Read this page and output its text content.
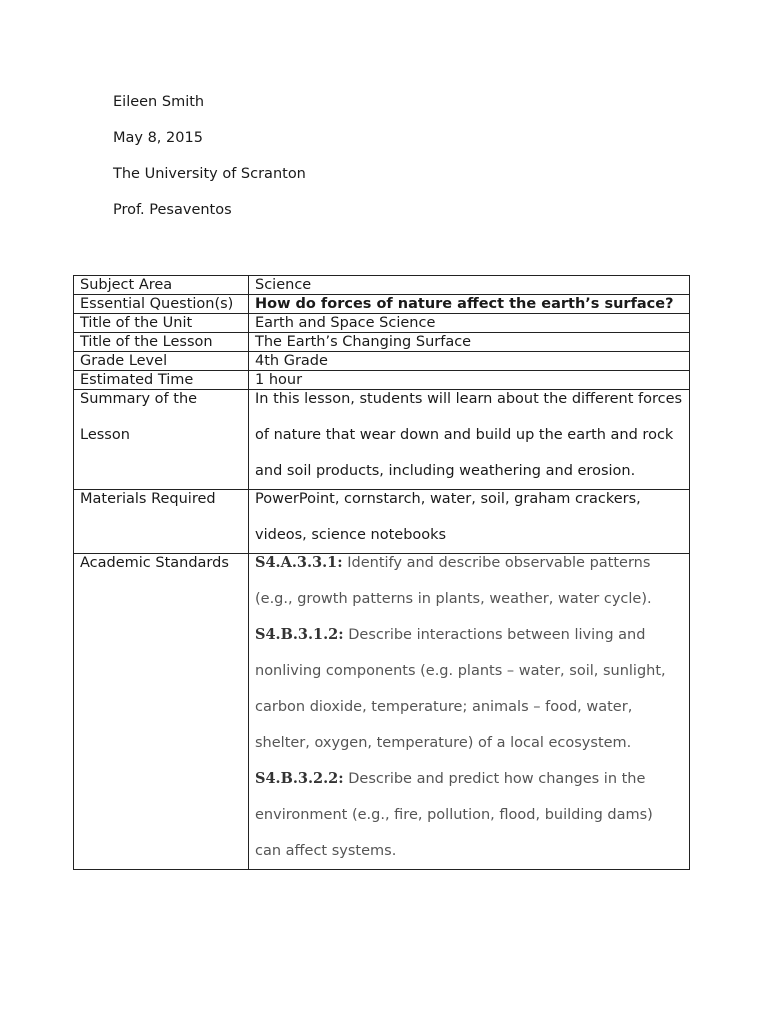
Eileen Smith
May 8, 2015
The University of Scranton
Prof. Pesaventos
Subject Area	Science
Essential Question(s)	How do forces of nature affect the earth’s surface?

Title of the Unit	Earth and Space Science
Title of the Lesson	The Earth’s Changing Surface
Grade Level	4th Grade
Estimated Time	1 hour

Summary of the Lesson	In this lesson, students will learn about the different forces of nature that wear down and build up the earth and rock and soil products, including weathering and erosion.

Materials Required	PowerPoint, cornstarch, water, soil, graham crackers, videos, science notebooks

Academic Standards	S4.A.3.3.1: Identify and describe observable patterns (e.g., growth patterns in plants, weather, water cycle).
S4.B.3.1.2: Describe interactions between living and nonliving components (e.g. plants – water, soil, sunlight, carbon dioxide, temperature; animals – food, water, shelter, oxygen, temperature) of a local ecosystem.
S4.B.3.2.2: Describe and predict how changes in the environment (e.g., fire, pollution, flood, building dams) can affect systems.
